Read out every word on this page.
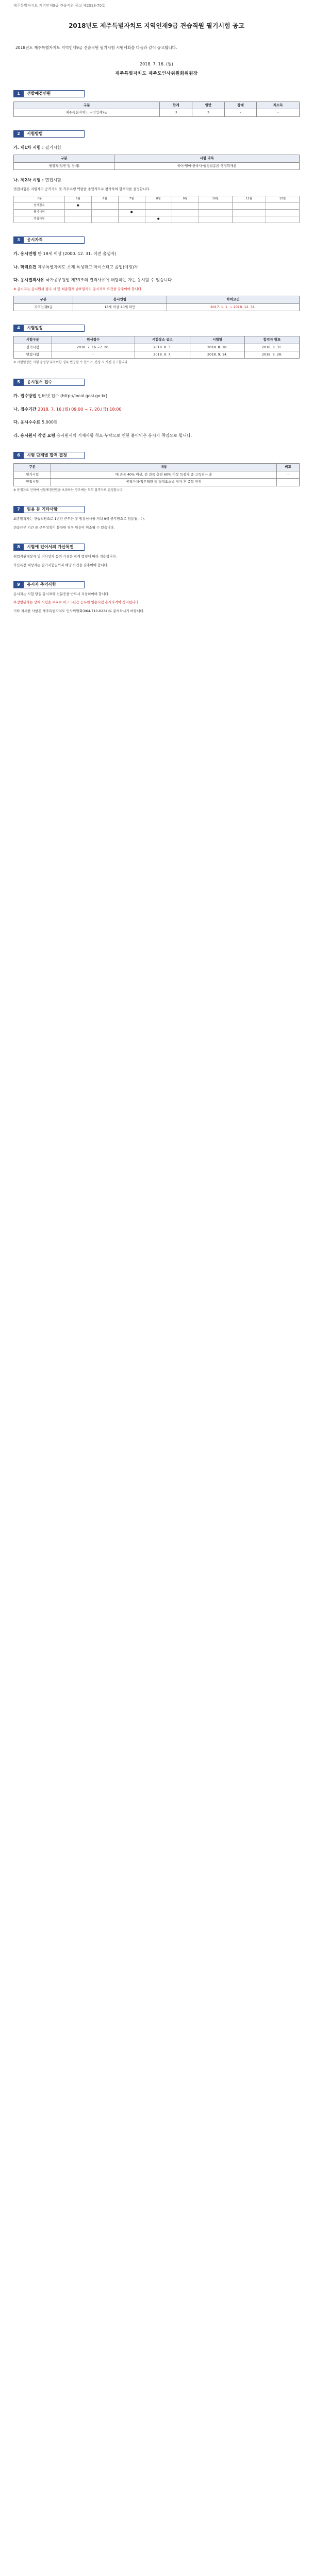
제주특별자치도 지역인재9급 견습직원 공고 제2018-70호
2018년도 제주특별자치도 지역인재9급 견습직원 필기시험 공고
2018년도 제주특별자치도 지역인재9급 견습직원 필기시험 시행계획을 다음과 같이 공고합니다.
2018. 7. 16. (월)
제주특별자치도 제주도인사위원회위원장
1	선발예정인원
구분	합계	일반	장애	저소득
제주특별자치도 지역인재9급	3	3	-	-
2	시험방법
가. 제1차 시험 : 필기시험
구분	시험 과목
행정직(일반 및 장애)	국어·영어·한국사·행정법총론·행정학개론
나. 제2차 시험 : 면접시험
면접시험은 지원자의 공직가치 및 직무수행 역량을 종합적으로 평가하여 합격자를 결정합니다.
구분	5월	6월	7월	8월	9월	10월	11월	12월
원서접수	●							
필기시험			●					
면접시험				●				
3	응시자격
가. 응시연령 만 18세 이상 (2000. 12. 31. 이전 출생자)
나. 학력요건 제주특별자치도 소재 특성화고·마이스터고 졸업(예정)자
다. 응시결격사유 국가공무원법 제33조의 결격사유에 해당하는 자는 응시할 수 없습니다.
※ 응시자는 응시원서 접수 시 및 최종합격 발표일까지 응시자격 요건을 갖추어야 합니다.
구분	응시연령	학력요건
지역인재9급	18세 이상 40세 미만	2017. 1. 1. ~ 2018. 12. 31.
4	시험일정
시험구분	원서접수	시험장소 공고	시험일	합격자 발표
필기시험	2018. 7. 16.~7. 20.	2018. 8. 3.	2018. 8. 18.	2018. 8. 31.
면접시험	-	2018. 9. 7.	2018. 9. 14.	2018. 9. 28.
※ 시험일정은 시험 운영상 부득이한 경우 변경될 수 있으며, 변경 시 사전 공고합니다.
5	응시원서 접수
가. 접수방법 인터넷 접수 (http://local.gosi.go.kr)
나. 접수기간 2018. 7. 16.(월) 09:00 ~ 7. 20.(금) 18:00
다. 응시수수료 5,000원
라. 응시원서 작성 요령 응시원서의 기재사항 착오·누락으로 인한 불이익은 응시자 책임으로 합니다.
6	시험 단계별 합격 결정
구분	내용	비고
필기시험	매 과목 40% 이상, 전 과목 총점 60% 이상 득점자 중 고득점자 순	-
면접시험	공직가치·직무역량 등 평정요소별 평가 후 종합 판정	-
※ 동점자로 인하여 선발예정인원을 초과하는 경우에는 모두 합격자로 결정합니다.
7	임용 등 기타사항
최종합격자는 견습직원으로 1년간 근무한 후 임용심사를 거쳐 9급 공무원으로 임용됩니다.
견습근무 기간 중 근무성적이 불량한 경우 임용이 취소될 수 있습니다.
8	시험에 있어서의 가산특전
취업지원대상자 및 의사상자 등의 가점은 관계 법령에 따라 적용합니다.
가산특전 대상자는 필기시험일까지 해당 요건을 갖추어야 합니다.
9	응시자 주의사항
응시자는 시험 당일 응시표와 신분증을 반드시 지참하여야 합니다.
부정행위자는 당해 시험을 무효로 하고 5년간 공무원 임용시험 응시자격이 정지됩니다.
기타 자세한 사항은 제주특별자치도 인사위원회(064-710-6234)로 문의하시기 바랍니다.
